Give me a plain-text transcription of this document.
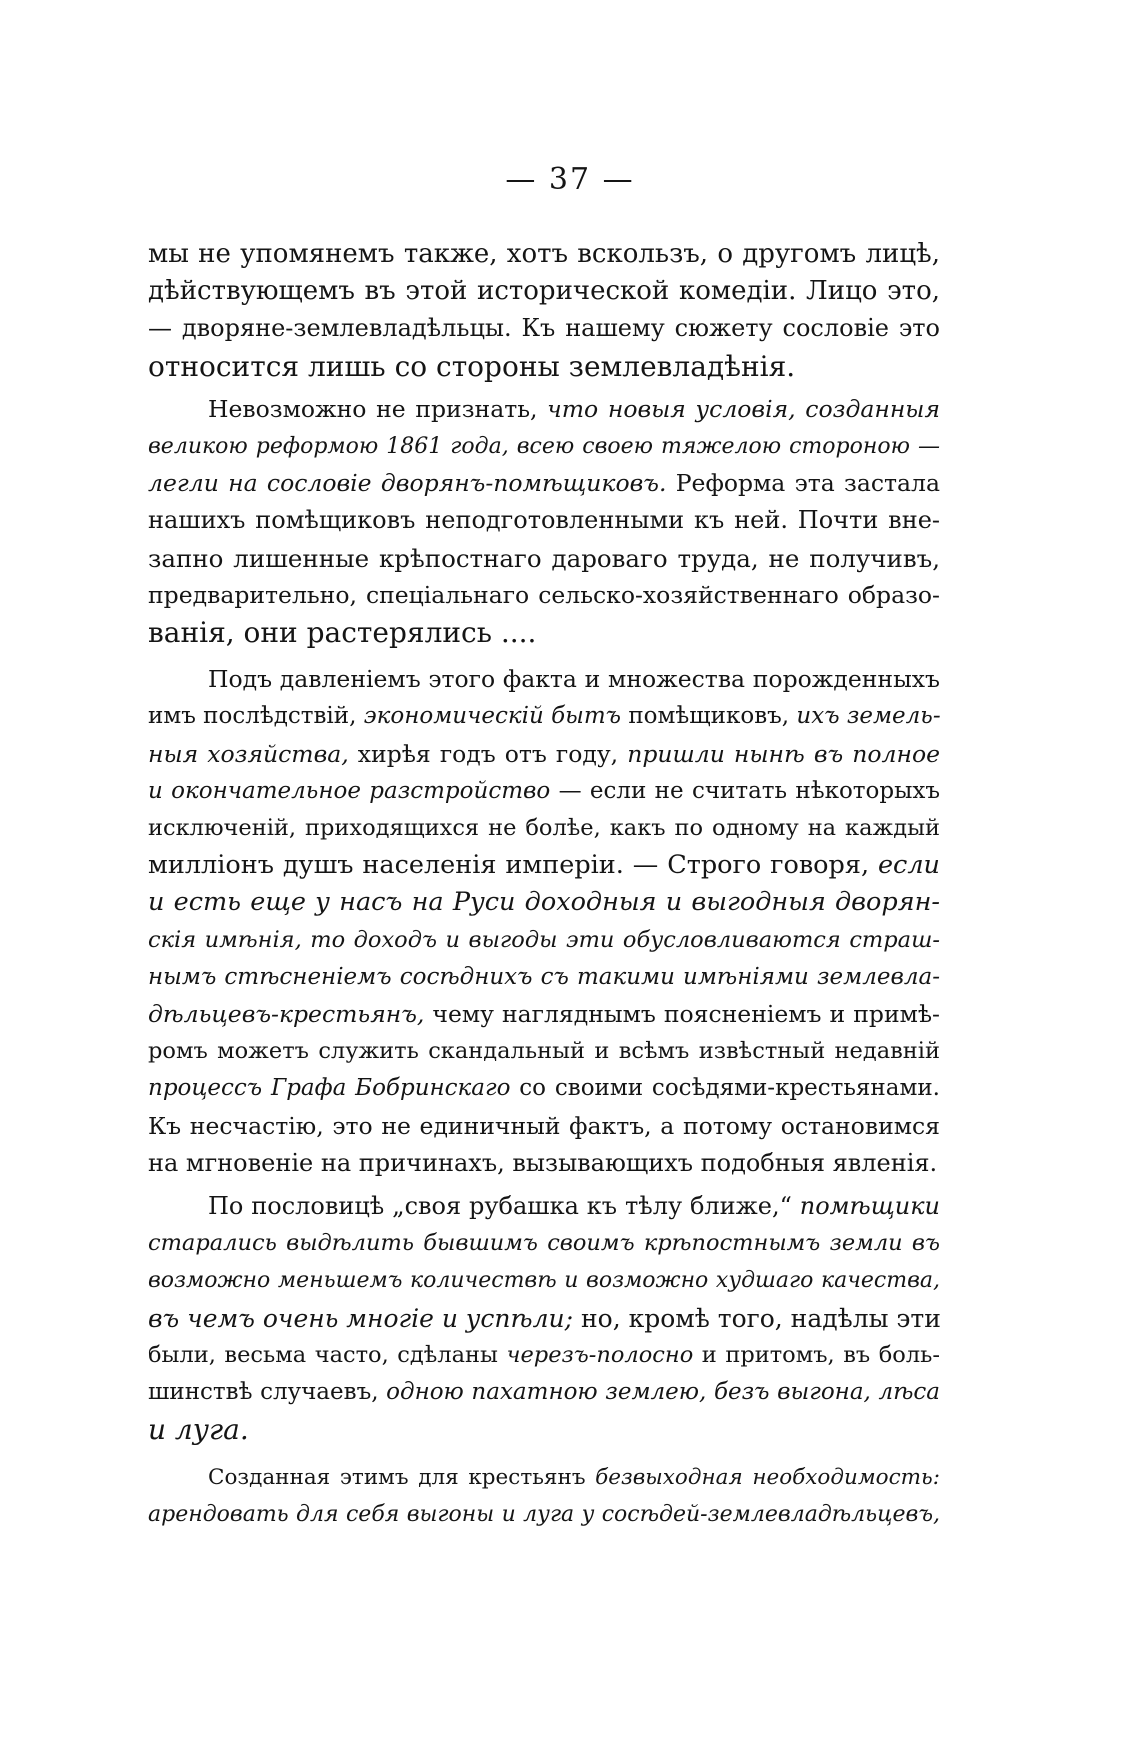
— 37 —
мы не упомянемъ также, хотъ вскользъ, о другомъ лицѣ,
дѣйствующемъ въ этой исторической комедіи. Лицо это,
— дворяне-землевладѣльцы. Къ нашему сюжету сословіе это
относится лишь со стороны землевладѣнія.
Невозможно не признать, что новыя условія, созданныя
великою реформою 1861 года, всею своею тяжелою стороною —
легли на сословіе дворянъ-помѣщиковъ. Реформа эта застала
нашихъ помѣщиковъ неподготовленными къ ней. Почти вне-
запно лишенные крѣпостнаго дароваго труда, не получивъ,
предварительно, спеціальнаго сельско-хозяйственнаго образо-
ванія, они растерялись ....
Подъ давленіемъ этого факта и множества порожденныхъ
имъ послѣдствій, экономическій бытъ помѣщиковъ, ихъ земель-
ныя хозяйства, хирѣя годъ отъ году, пришли нынѣ въ полное
и окончательное разстройство — если не считать нѣкоторыхъ
исключеній, приходящихся не болѣе, какъ по одному на каждый
милліонъ душъ населенія имперіи. — Строго говоря, если
и есть еще у насъ на Руси доходныя и выгодныя дворян-
скія имѣнія, то доходъ и выгоды эти обусловливаются страш-
нымъ стѣсненіемъ сосѣднихъ съ такими имѣніями землевла-
дѣльцевъ-крестьянъ, чему нагляднымъ поясненіемъ и примѣ-
ромъ можетъ служить скандальный и всѣмъ извѣстный недавній
процессъ Графа Бобринскаго со своими сосѣдями-крестьянами.
Къ несчастію, это не единичный фактъ, а потому остановимся
на мгновеніе на причинахъ, вызывающихъ подобныя явленія.
По пословицѣ „своя рубашка къ тѣлу ближе,“ помѣщики
старались выдѣлить бывшимъ своимъ крѣпостнымъ земли въ
возможно меньшемъ количествѣ и возможно худшаго качества,
въ чемъ очень многіе и успѣли; но, кромѣ того, надѣлы эти
были, весьма часто, сдѣланы черезъ-полосно и притомъ, въ боль-
шинствѣ случаевъ, одною пахатною землею, безъ выгона, лѣса
и луга.
Созданная этимъ для крестьянъ безвыходная необходимость:
арендовать для себя выгоны и луга у сосѣдей-землевладѣльцевъ,
